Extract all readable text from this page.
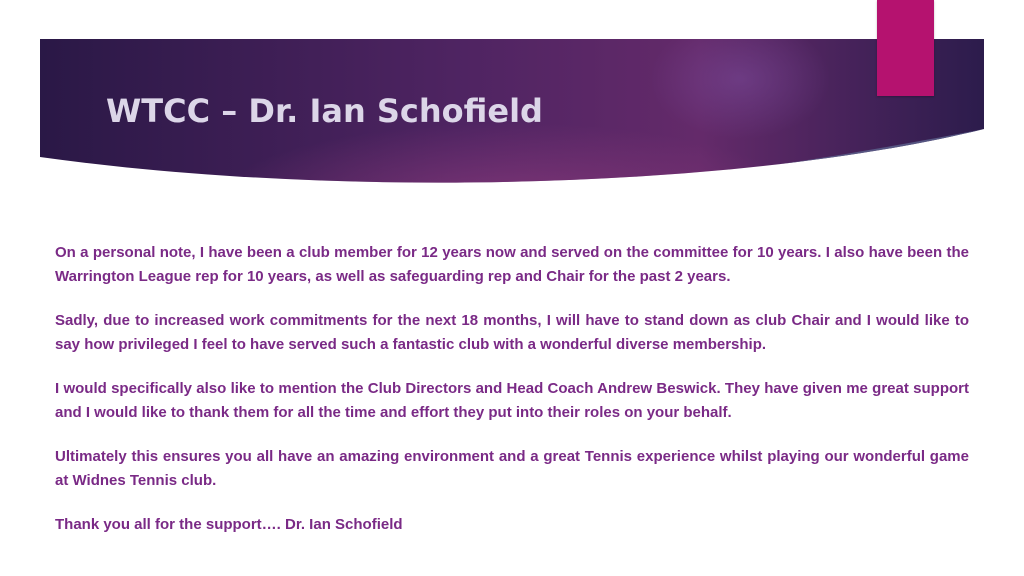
WTCC – Dr. Ian Schofield

On a personal note, I have been a club member for 12 years now and served on the committee for 10 years. I also have been the Warrington League rep for 10 years, as well as safeguarding rep and Chair for the past 2 years.

Sadly, due to increased work commitments for the next 18 months, I will have to stand down as club Chair and I would like to say how privileged I feel to have served such a fantastic club with a wonderful diverse membership.

I would specifically also like to mention the Club Directors and Head Coach Andrew Beswick. They have given me great support and I would like to thank them for all the time and effort they put into their roles on your behalf.

Ultimately this ensures you all have an amazing environment and a great Tennis experience whilst playing our wonderful game at Widnes Tennis club.

Thank you all for the support…. Dr. Ian Schofield
